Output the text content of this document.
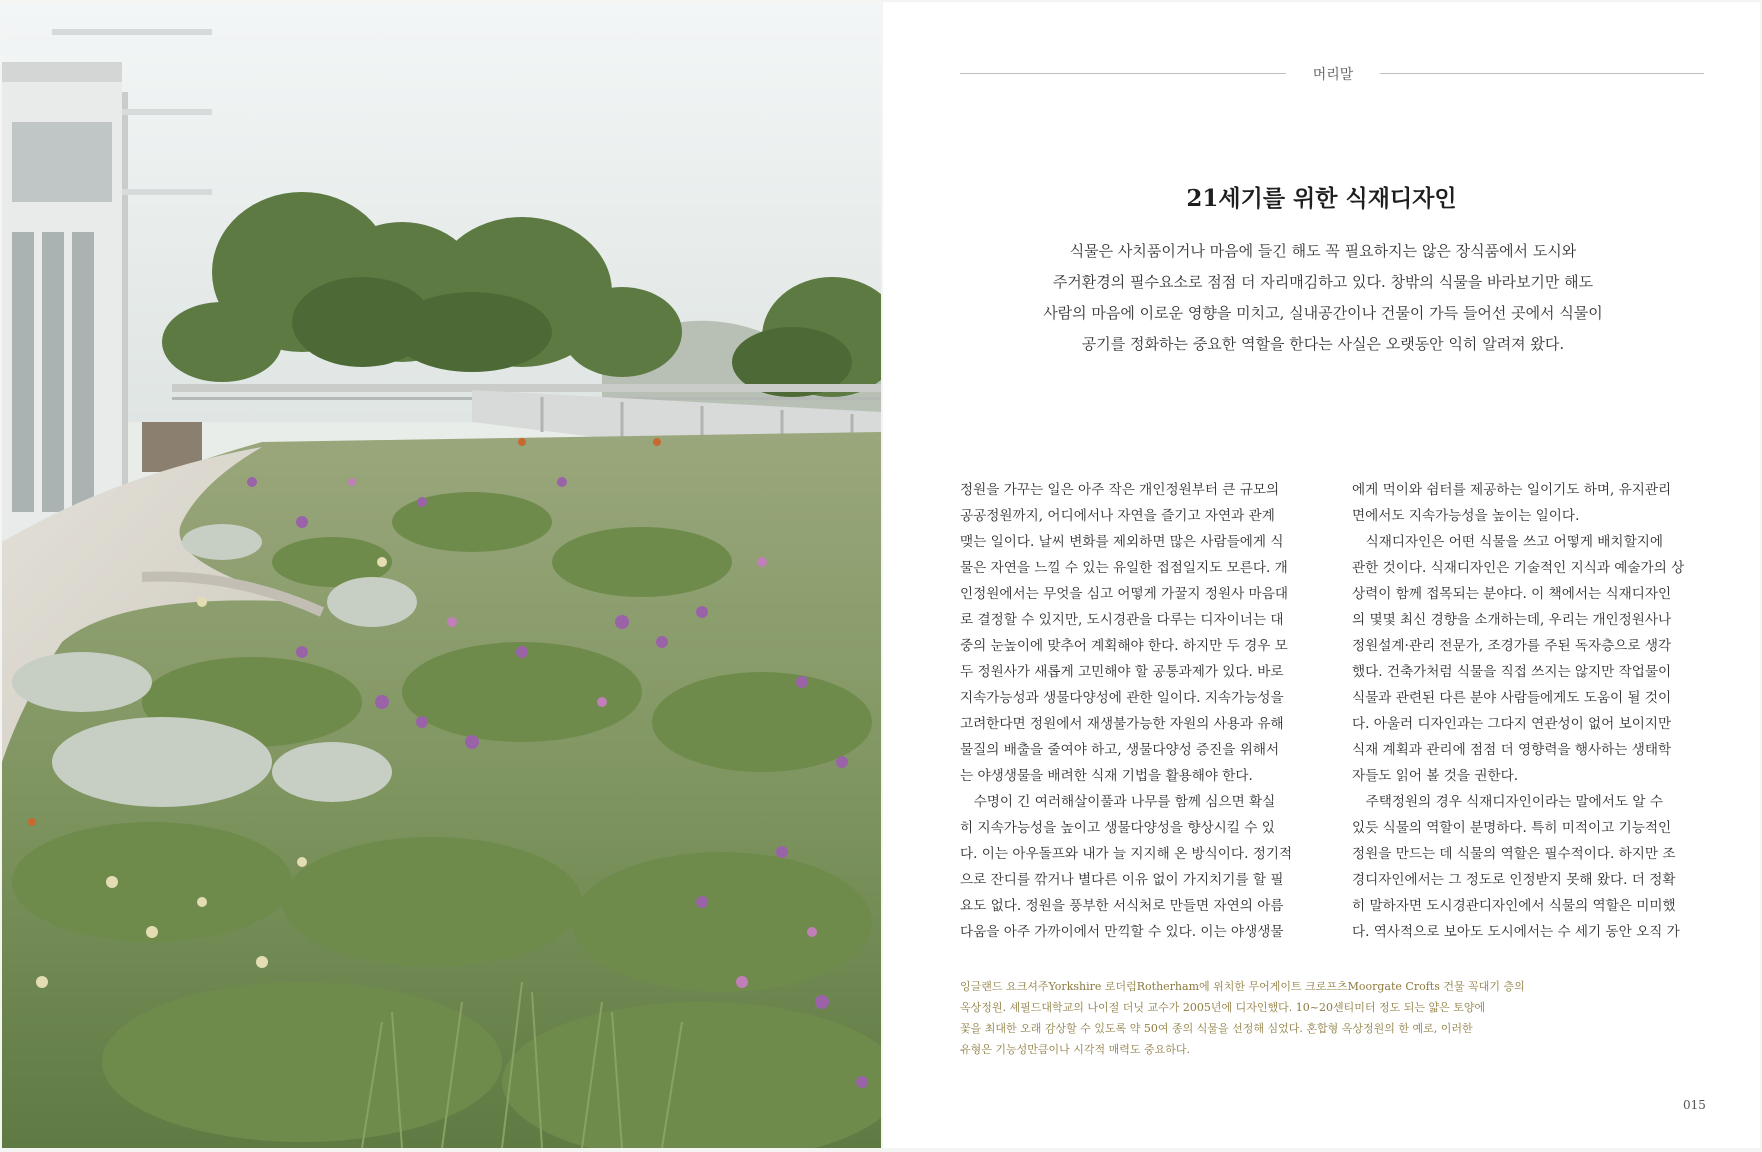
머리말
21세기를 위한 식재디자인

식물은 사치품이거나 마음에 들긴 해도 꼭 필요하지는 않은 장식품에서 도시와

주거환경의 필수요소로 점점 더 자리매김하고 있다. 창밖의 식물을 바라보기만 해도

사람의 마음에 이로운 영향을 미치고, 실내공간이나 건물이 가득 들어선 곳에서 식물이

공기를 정화하는 중요한 역할을 한다는 사실은 오랫동안 익히 알려져 왔다.

정원을 가꾸는 일은 아주 작은 개인정원부터 큰 규모의

공공정원까지, 어디에서나 자연을 즐기고 자연과 관계

맺는 일이다. 날씨 변화를 제외하면 많은 사람들에게 식

물은 자연을 느낄 수 있는 유일한 접점일지도 모른다. 개

인정원에서는 무엇을 심고 어떻게 가꿀지 정원사 마음대

로 결정할 수 있지만, 도시경관을 다루는 디자이너는 대

중의 눈높이에 맞추어 계획해야 한다. 하지만 두 경우 모

두 정원사가 새롭게 고민해야 할 공통과제가 있다. 바로

지속가능성과 생물다양성에 관한 일이다. 지속가능성을

고려한다면 정원에서 재생불가능한 자원의 사용과 유해

물질의 배출을 줄여야 하고, 생물다양성 증진을 위해서

는 야생생물을 배려한 식재 기법을 활용해야 한다.

　수명이 긴 여러해살이풀과 나무를 함께 심으면 확실

히 지속가능성을 높이고 생물다양성을 향상시킬 수 있

다. 이는 아우돌프와 내가 늘 지지해 온 방식이다. 정기적

으로 잔디를 깎거나 별다른 이유 없이 가지치기를 할 필

요도 없다. 정원을 풍부한 서식처로 만들면 자연의 아름

다움을 아주 가까이에서 만끽할 수 있다. 이는 야생생물

에게 먹이와 쉼터를 제공하는 일이기도 하며, 유지관리

면에서도 지속가능성을 높이는 일이다.

　식재디자인은 어떤 식물을 쓰고 어떻게 배치할지에

관한 것이다. 식재디자인은 기술적인 지식과 예술가의 상

상력이 함께 접목되는 분야다. 이 책에서는 식재디자인

의 몇몇 최신 경향을 소개하는데, 우리는 개인정원사나

정원설계·관리 전문가, 조경가를 주된 독자층으로 생각

했다. 건축가처럼 식물을 직접 쓰지는 않지만 작업물이

식물과 관련된 다른 분야 사람들에게도 도움이 될 것이

다. 아울러 디자인과는 그다지 연관성이 없어 보이지만

식재 계획과 관리에 점점 더 영향력을 행사하는 생태학

자들도 읽어 볼 것을 권한다.

　주택정원의 경우 식재디자인이라는 말에서도 알 수

있듯 식물의 역할이 분명하다. 특히 미적이고 기능적인

정원을 만드는 데 식물의 역할은 필수적이다. 하지만 조

경디자인에서는 그 정도로 인정받지 못해 왔다. 더 정확

히 말하자면 도시경관디자인에서 식물의 역할은 미미했

다. 역사적으로 보아도 도시에서는 수 세기 동안 오직 가

잉글랜드 요크셔주Yorkshire 로더럼Rotherham에 위치한 무어게이트 크로프츠Moorgate Crofts 건물 꼭대기 층의

옥상정원. 셰필드대학교의 나이절 더닛 교수가 2005년에 디자인했다. 10~20센티미터 정도 되는 얇은 토양에

꽃을 최대한 오래 감상할 수 있도록 약 50여 종의 식물을 선정해 심었다. 혼합형 옥상정원의 한 예로, 이러한

유형은 기능성만큼이나 시각적 매력도 중요하다.

015
